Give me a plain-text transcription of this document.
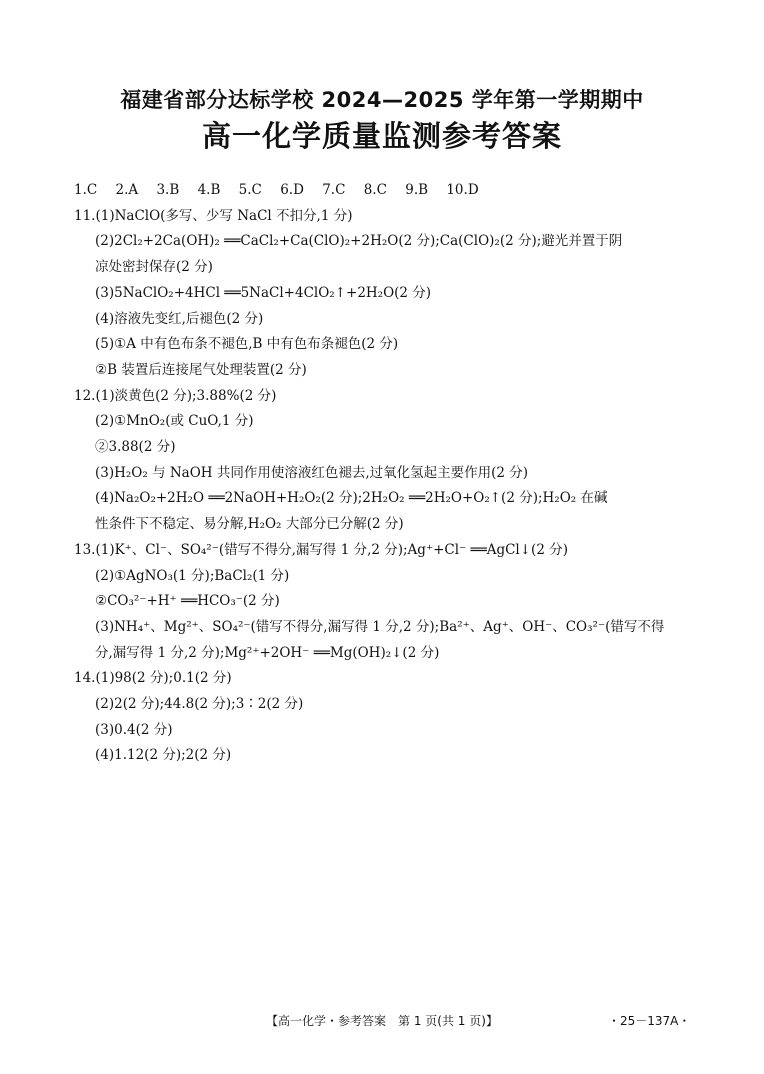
福建省部分达标学校 2024—2025 学年第一学期期中
高一化学质量监测参考答案
1.C 2.A 3.B 4.B 5.C 6.D 7.C 8.C 9.B 10.D
11.(1)NaClO(多写、少写 NaCl 不扣分,1 分)
(2)2Cl₂+2Ca(OH)₂ ══CaCl₂+Ca(ClO)₂+2H₂O(2 分);Ca(ClO)₂(2 分);避光并置于阴
凉处密封保存(2 分)
(3)5NaClO₂+4HCl ══5NaCl+4ClO₂↑+2H₂O(2 分)
(4)溶液先变红,后褪色(2 分)
(5)①A 中有色布条不褪色,B 中有色布条褪色(2 分)
②B 装置后连接尾气处理装置(2 分)
12.(1)淡黄色(2 分);3.88%(2 分)
(2)①MnO₂(或 CuO,1 分)
②3.88(2 分)
(3)H₂O₂ 与 NaOH 共同作用使溶液红色褪去,过氧化氢起主要作用(2 分)
(4)Na₂O₂+2H₂O ══2NaOH+H₂O₂(2 分);2H₂O₂ ══2H₂O+O₂↑(2 分);H₂O₂ 在碱
性条件下不稳定、易分解,H₂O₂ 大部分已分解(2 分)
13.(1)K⁺、Cl⁻、SO₄²⁻(错写不得分,漏写得 1 分,2 分);Ag⁺+Cl⁻ ══AgCl↓(2 分)
(2)①AgNO₃(1 分);BaCl₂(1 分)
②CO₃²⁻+H⁺ ══HCO₃⁻(2 分)
(3)NH₄⁺、Mg²⁺、SO₄²⁻(错写不得分,漏写得 1 分,2 分);Ba²⁺、Ag⁺、OH⁻、CO₃²⁻(错写不得
分,漏写得 1 分,2 分);Mg²⁺+2OH⁻ ══Mg(OH)₂↓(2 分)
14.(1)98(2 分);0.1(2 分)
(2)2(2 分);44.8(2 分);3∶2(2 分)
(3)0.4(2 分)
(4)1.12(2 分);2(2 分)
【高一化学・参考答案　第 1 页(共 1 页)】	・25－137A・
